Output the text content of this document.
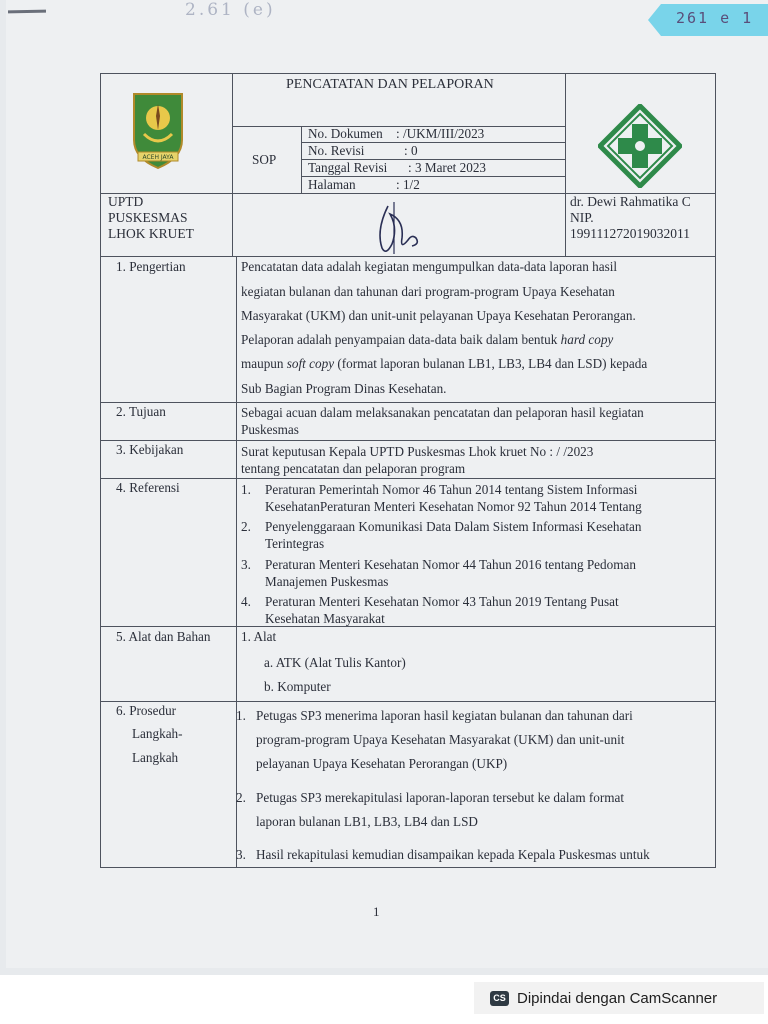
2.61 (e)	261 e 1
ACEH JAYA
PENCATATAN DAN PELAPORAN
SOP
No. Dokumen : /UKM/III/2023
No. Revisi	: 0
Tanggal Revisi : 3 Maret 2023
Halaman	: 1/2
UPTD
PUSKESMAS
LHOK KRUET
dr. Dewi Rahmatika C
NIP.
199111272019032011
1. Pengertian	Pencatatan data adalah kegiatan mengumpulkan data-data laporan hasil
kegiatan bulanan dan tahunan dari program-program Upaya Kesehatan
Masyarakat (UKM) dan unit-unit pelayanan Upaya Kesehatan Perorangan.
Pelaporan adalah penyampaian data-data baik dalam bentuk hard copy
maupun soft copy (format laporan bulanan LB1, LB3, LB4 dan LSD) kepada
Sub Bagian Program Dinas Kesehatan.
2. Tujuan	Sebagai acuan dalam melaksanakan pencatatan dan pelaporan hasil kegiatan
Puskesmas
3. Kebijakan	Surat keputusan Kepala UPTD Puskesmas Lhok kruet No : / /2023
tentang pencatatan dan pelaporan program
4. Referensi	1. Peraturan Pemerintah Nomor 46 Tahun 2014 tentang Sistem Informasi
KesehatanPeraturan Menteri Kesehatan Nomor 92 Tahun 2014 Tentang
2. Penyelenggaraan Komunikasi Data Dalam Sistem Informasi Kesehatan
Terintegras
3. Peraturan Menteri Kesehatan Nomor 44 Tahun 2016 tentang Pedoman
Manajemen Puskesmas
4. Peraturan Menteri Kesehatan Nomor 43 Tahun 2019 Tentang Pusat
Kesehatan Masyarakat
5. Alat dan Bahan 1. Alat
a. ATK (Alat Tulis Kantor)
b. Komputer
6. Prosedur
Langkah-
Langkah
1. Petugas SP3 menerima laporan hasil kegiatan bulanan dan tahunan dari
program-program Upaya Kesehatan Masyarakat (UKM) dan unit-unit
pelayanan Upaya Kesehatan Perorangan (UKP)
2. Petugas SP3 merekapitulasi laporan-laporan tersebut ke dalam format
laporan bulanan LB1, LB3, LB4 dan LSD
3. Hasil rekapitulasi kemudian disampaikan kepada Kepala Puskesmas untuk
1
CS Dipindai dengan CamScanner
